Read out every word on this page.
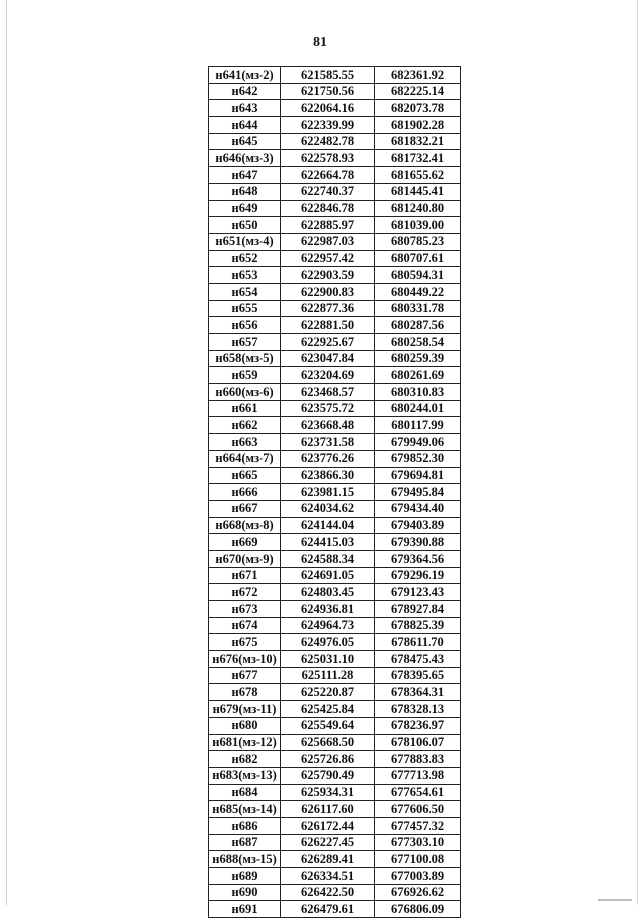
81
н641(мз-2)	621585.55	682361.92
н642	621750.56	682225.14
н643	622064.16	682073.78
н644	622339.99	681902.28
н645	622482.78	681832.21
н646(мз-3)	622578.93	681732.41
н647	622664.78	681655.62
н648	622740.37	681445.41
н649	622846.78	681240.80
н650	622885.97	681039.00
н651(мз-4)	622987.03	680785.23
н652	622957.42	680707.61
н653	622903.59	680594.31
н654	622900.83	680449.22
н655	622877.36	680331.78
н656	622881.50	680287.56
н657	622925.67	680258.54
н658(мз-5)	623047.84	680259.39
н659	623204.69	680261.69
н660(мз-6)	623468.57	680310.83
н661	623575.72	680244.01
н662	623668.48	680117.99
н663	623731.58	679949.06
н664(мз-7)	623776.26	679852.30
н665	623866.30	679694.81
н666	623981.15	679495.84
н667	624034.62	679434.40
н668(мз-8)	624144.04	679403.89
н669	624415.03	679390.88
н670(мз-9)	624588.34	679364.56
н671	624691.05	679296.19
н672	624803.45	679123.43
н673	624936.81	678927.84
н674	624964.73	678825.39
н675	624976.05	678611.70
н676(мз-10)	625031.10	678475.43
н677	625111.28	678395.65
н678	625220.87	678364.31
н679(мз-11)	625425.84	678328.13
н680	625549.64	678236.97
н681(мз-12)	625668.50	678106.07
н682	625726.86	677883.83
н683(мз-13)	625790.49	677713.98
н684	625934.31	677654.61
н685(мз-14)	626117.60	677606.50
н686	626172.44	677457.32
н687	626227.45	677303.10
н688(мз-15)	626289.41	677100.08
н689	626334.51	677003.89
н690	626422.50	676926.62
н691	626479.61	676806.09
